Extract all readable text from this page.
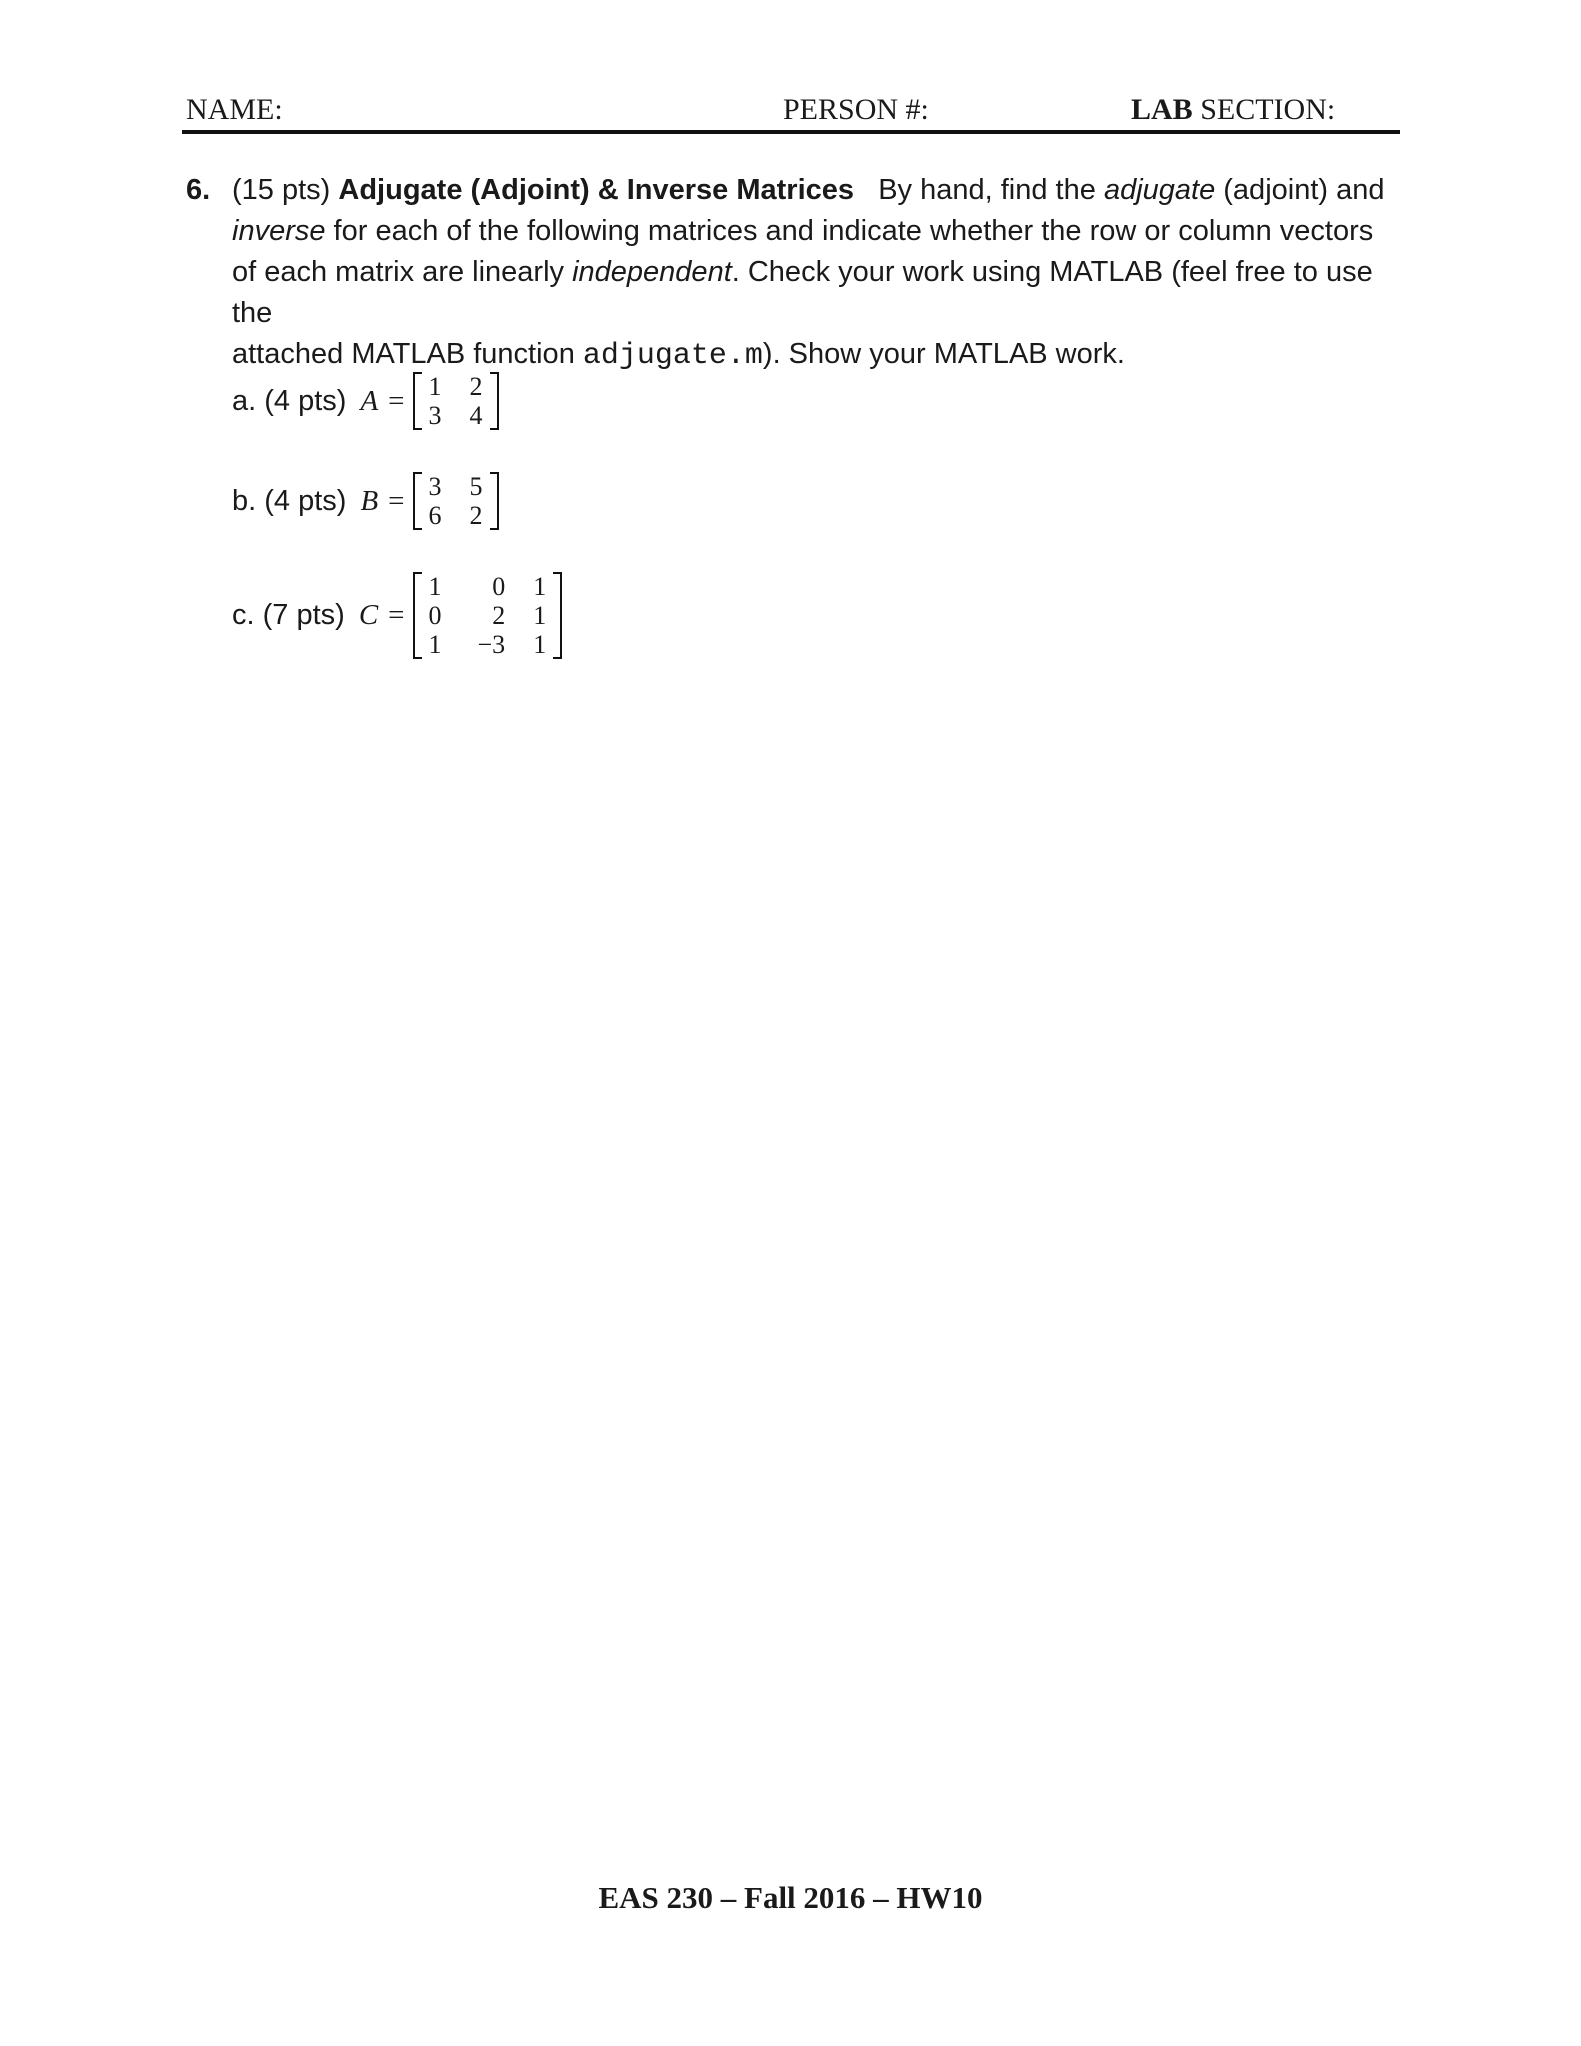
NAME:	PERSON #:	LAB SECTION:
6. (15 pts) Adjugate (Adjoint) & Inverse Matrices By hand, find the adjugate (adjoint) and
inverse for each of the following matrices and indicate whether the row or column vectors
of each matrix are linearly independent. Check your work using MATLAB (feel free to use the
attached MATLAB function adjugate.m). Show your MATLAB work.
a. (4 pts) A = 1	2
3	4
b. (4 pts) B = 3	5
6	2
c. (7 pts) C =
1	0	1
0	2	1
1	−3	1
EAS 230 – Fall 2016 – HW10
